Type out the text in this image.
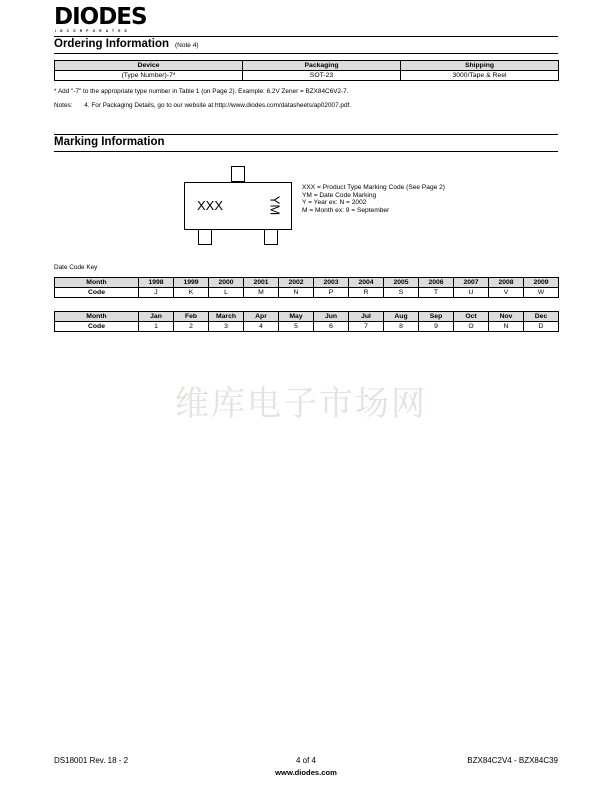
DIODES
INCORPORATED
Ordering Information (Note 4)
Device	Packaging	Shipping
(Type Number)-7*	SOT-23	3000/Tape & Reel
* Add "-7" to the appropriate type number in Table 1 (on Page 2). Example: 6.2V Zener = BZX84C6V2-7.
Notes: 4. For Packaging Details, go to our website at http://www.diodes.com/datasheets/ap02007.pdf.
Marking Information
XXX	YM
XXX = Product Type Marking Code (See Page 2)
YM = Date Code Marking
Y = Year ex: N = 2002
M = Month ex: 9 = September
Date Code Key
Month	1998	1999	2000	2001	2002	2003	2004	2005	2006	2007	2008	2009
Code	J	K	L	M	N	P	R	S	T	U	V	W
Month	Jan	Feb	March	Apr	May	Jun	Jul	Aug	Sep	Oct	Nov	Dec
Code	1	2	3	4	5	6	7	8	9	O	N	D
维库电子市场网
DS18001 Rev. 18 - 2	4 of 4	BZX84C2V4 - BZX84C39
www.diodes.com
